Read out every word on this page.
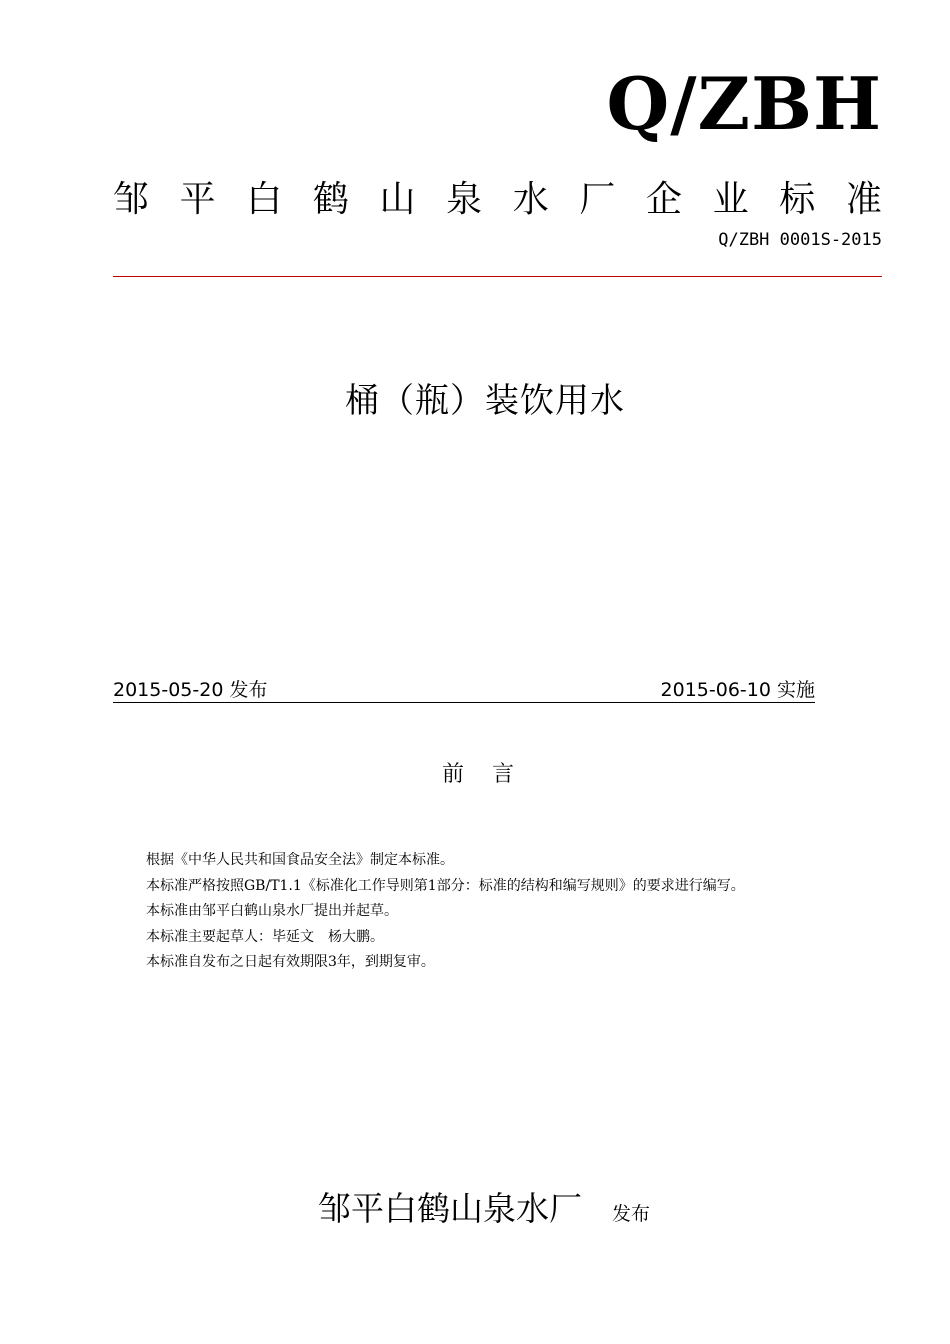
Q/ZBH
邹 平 白 鹤 山 泉 水 厂 企 业 标 准
Q/ZBH 0001S-2015
桶（瓶）装饮用水
2015-05-20 发布	2015-06-10 实施
前言
根据《中华人民共和国食品安全法》制定本标准。
本标准严格按照GB/T1.1《标准化工作导则第1部分：标准的结构和编写规则》的要求进行编写。
本标准由邹平白鹤山泉水厂提出并起草。
本标准主要起草人：毕延文　杨大鹏。
本标准自发布之日起有效期限3年，到期复审。
邹平白鹤山泉水厂 发布
